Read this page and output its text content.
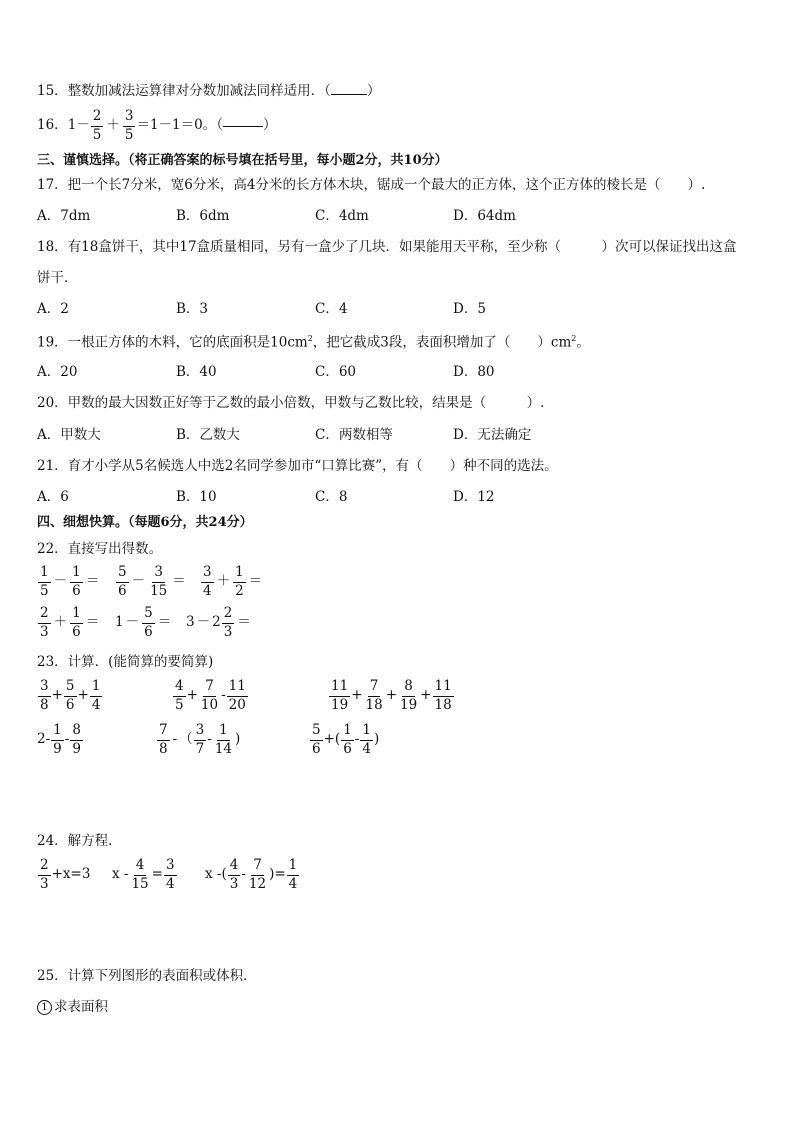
15．整数加减法运算律对分数加减法同样适用．（	）
16． $1- \frac{2}{5} + \frac{3}{5} =1-1=0$。（	）
三、谨慎选择。（将正确答案的标号填在括号里，每小题2分，共10分）
17．把一个长7分米，宽6分米，高4分米的长方体木块，锯成一个最大的正方体，这个正方体的棱长是（　　）.
A．7dm	B．6dm	C．4dm	D．64dm
18．有18盒饼干，其中17盒质量相同，另有一盒少了几块．如果能用天平称，至少称（　　　）次可以保证找出这盒
饼干．
A．2	B．3	C．4	D．5
19．一根正方体的木料，它的底面积是$10cm^2$，把它截成3段，表面积增加了（　　）$cm^2$。
A．20	B．40	C．60	D．80
20．甲数的最大因数正好等于乙数的最小倍数，甲数与乙数比较，结果是（　　　）.
A．甲数大	B．乙数大	C．两数相等	D．无法确定
21．育才小学从5名候选人中选2名同学参加市“口算比赛”，有（　　）种不同的选法。
A．6	B．10	C．8	D．12
四、细想快算。（每题6分，共24分）
22．直接写出得数。
$\frac{1}{5} - \frac{1}{6} = \frac{5}{6} - \frac{3}{15} = \frac{3}{4} + \frac{1}{2}$ ＝
$\frac{2}{3} + \frac{1}{6} = 1 - \frac{5}{6} = 3 - 2 \frac{2}{3}$ ＝
23．计算．(能简算的要简算)
$\frac{3}{8} + \frac{5}{6} + \frac{1}{4}$	$\frac{4}{5} + \frac{7}{10} - \frac{11}{20}$	$\frac{11}{19} + \frac{7}{18} + \frac{8}{19} + \frac{11}{18}$
$2 - \frac{1}{9} - \frac{8}{9}$	$\frac{7}{8}$ - （ $\frac{3}{7} - \frac{1}{14}$ )	$\frac{5}{6}$ + ( $\frac{1}{6} - \frac{1}{4}$ )
24．解方程．
$\frac{2}{3} +x=3$ $x - \frac{4}{15} = \frac{3}{4}$ x -( $\frac{4}{3} - \frac{7}{12}$ ) = $\frac{1}{4}$
25．计算下列图形的表面积或体积．
1 求表面积
